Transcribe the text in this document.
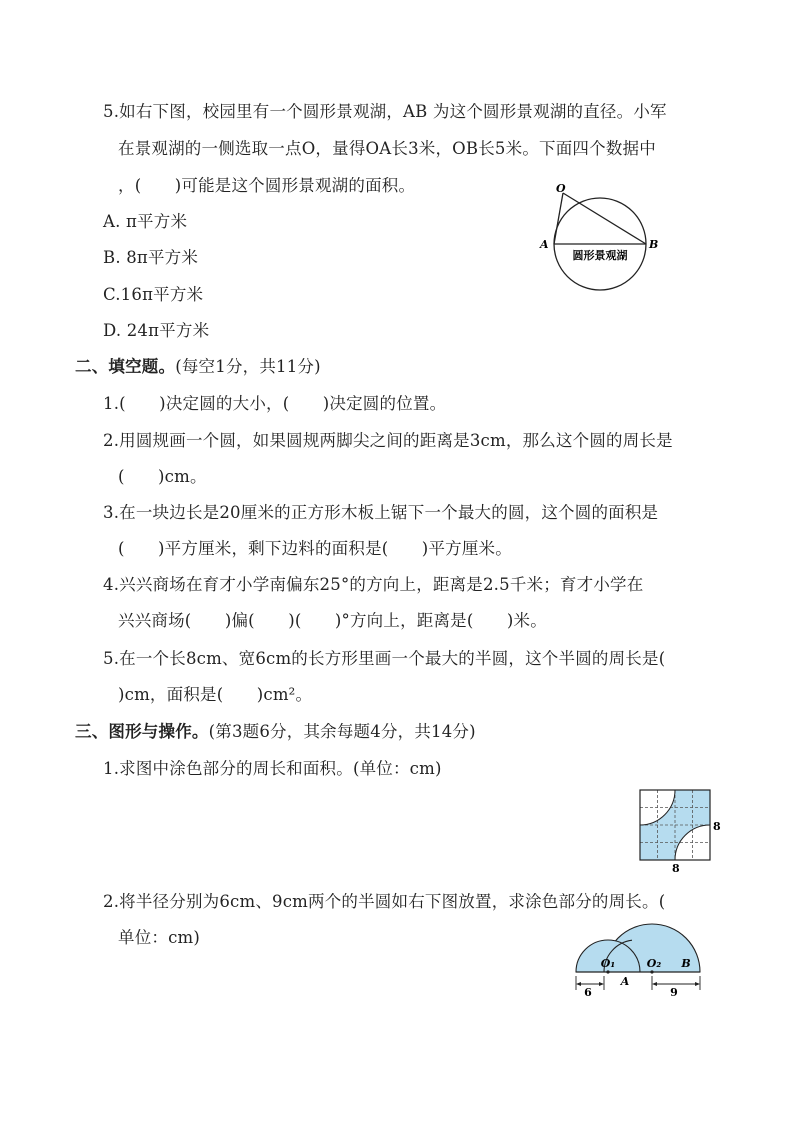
5.如右下图，校园里有一个圆形景观湖，AB 为这个圆形景观湖的直径。小军
在景观湖的一侧选取一点O，量得OA长3米，OB长5米。下面四个数据中
，(　　)可能是这个圆形景观湖的面积。
A. π平方米
B. 8π平方米
C.16π平方米
D. 24π平方米
O
A	B
圆形景观湖
二、填空题。(每空1分，共11分)
1.(　　)决定圆的大小，(　　)决定圆的位置。
2.用圆规画一个圆，如果圆规两脚尖之间的距离是3cm，那么这个圆的周长是
(　　)cm。
3.在一块边长是20厘米的正方形木板上锯下一个最大的圆，这个圆的面积是
(　　)平方厘米，剩下边料的面积是(　　)平方厘米。
4.兴兴商场在育才小学南偏东25°的方向上，距离是2.5千米；育才小学在
兴兴商场(　　)偏(　　)(　　)°方向上，距离是(　　)米。
5.在一个长8cm、宽6cm的长方形里画一个最大的半圆，这个半圆的周长是(
)cm，面积是(　　)cm²。
三、图形与操作。(第3题6分，其余每题4分，共14分)
1.求图中涂色部分的周长和面积。(单位：cm)
8
8
2.将半径分别为6cm、9cm两个的半圆如右下图放置，求涂色部分的周长。(
单位：cm)
O₁	O₂ B
A
6	9
